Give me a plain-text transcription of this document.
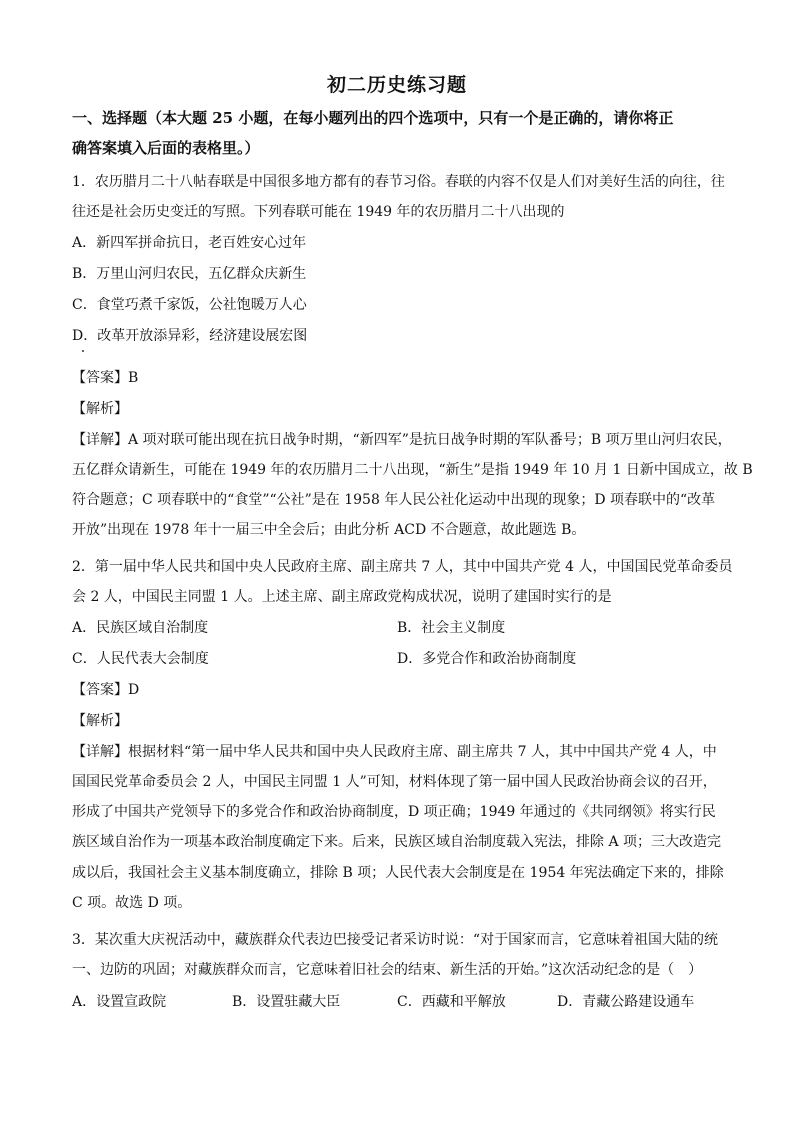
初二历史练习题
一、选择题（本大题 25 小题，在每小题列出的四个选项中，只有一个是正确的，请你将正
确答案填入后面的表格里。）
1．农历腊月二十八帖春联是中国很多地方都有的春节习俗。春联的内容不仅是人们对美好生活的向往，往
往还是社会历史变迁的写照。下列春联可能在 1949 年的农历腊月二十八出现的
A．新四军拼命抗日，老百姓安心过年
B．万里山河归农民，五亿群众庆新生
C．食堂巧煮千家饭，公社饱暖万人心
D．改革开放添异彩，经济建设展宏图
【答案】B
【解析】
【详解】A 项对联可能出现在抗日战争时期，“新四军”是抗日战争时期的军队番号；B 项万里山河归农民，
五亿群众请新生，可能在 1949 年的农历腊月二十八出现，“新生”是指 1949 年 10 月 1 日新中国成立，故 B
符合题意；C 项春联中的“食堂”“公社”是在 1958 年人民公社化运动中出现的现象；D 项春联中的“改革
开放”出现在 1978 年十一届三中全会后；由此分析 ACD 不合题意，故此题选 B。
2．第一届中华人民共和国中央人民政府主席、副主席共 7 人，其中中国共产党 4 人，中国国民党革命委员
会 2 人，中国民主同盟 1 人。上述主席、副主席政党构成状况，说明了建国时实行的是
A．民族区域自治制度	B．社会主义制度
C．人民代表大会制度	D．多党合作和政治协商制度
【答案】D
【解析】
【详解】根据材料“第一届中华人民共和国中央人民政府主席、副主席共 7 人，其中中国共产党 4 人，中
国国民党革命委员会 2 人，中国民主同盟 1 人”可知，材料体现了第一届中国人民政治协商会议的召开，
形成了中国共产党领导下的多党合作和政治协商制度，D 项正确；1949 年通过的《共同纲领》将实行民
族区域自治作为一项基本政治制度确定下来。后来，民族区域自治制度载入宪法，排除 A 项；三大改造完
成以后，我国社会主义基本制度确立，排除 B 项；人民代表大会制度是在 1954 年宪法确定下来的，排除
C 项。故选 D 项。
3．某次重大庆祝活动中，藏族群众代表边巴接受记者采访时说：“对于国家而言，它意味着祖国大陆的统
一、边防的巩固；对藏族群众而言，它意味着旧社会的结束、新生活的开始。”这次活动纪念的是（　）
A．设置宣政院	B．设置驻藏大臣	C．西藏和平解放	D．青藏公路建设通车
